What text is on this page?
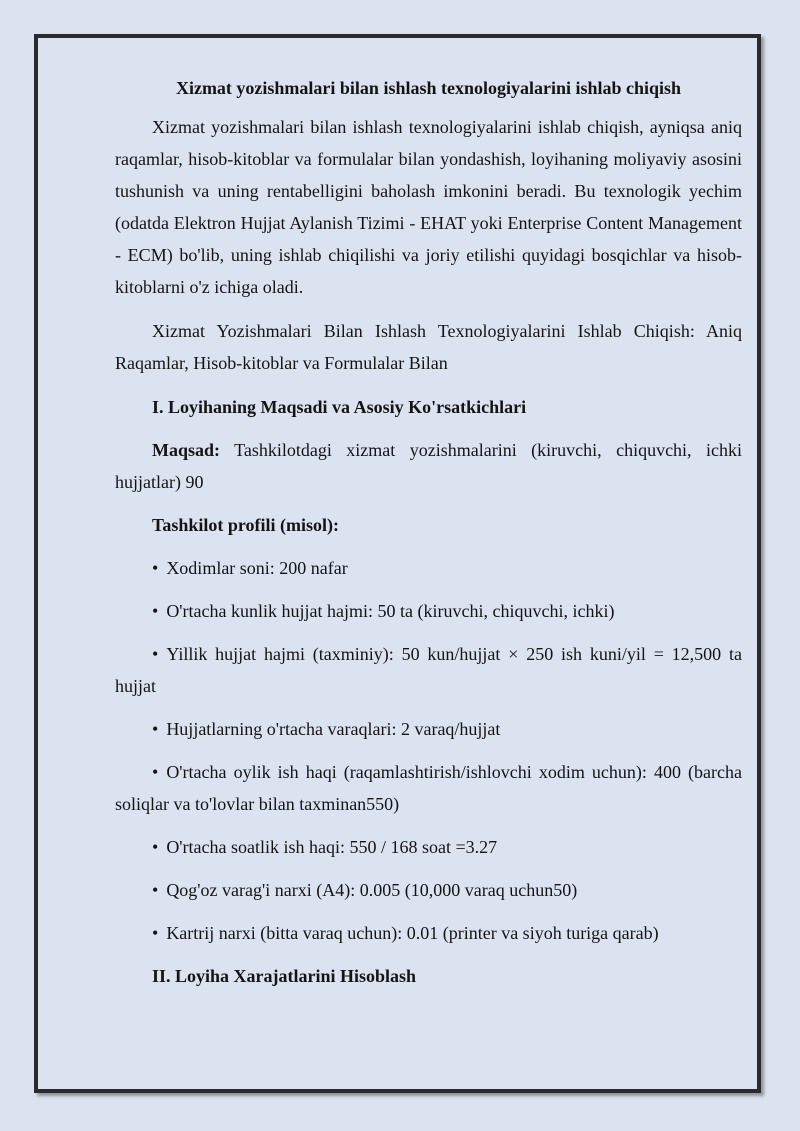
Xizmat yozishmalari bilan ishlash texnologiyalarini ishlab chiqish

Xizmat yozishmalari bilan ishlash texnologiyalarini ishlab chiqish, ayniqsa aniq raqamlar, hisob-kitoblar va formulalar bilan yondashish, loyihaning moliyaviy asosini tushunish va uning rentabelligini baholash imkonini beradi. Bu texnologik yechim (odatda Elektron Hujjat Aylanish Tizimi - EHAT yoki Enterprise Content Management - ECM) bo'lib, uning ishlab chiqilishi va joriy etilishi quyidagi bosqichlar va hisob-kitoblarni o'z ichiga oladi.

Xizmat Yozishmalari Bilan Ishlash Texnologiyalarini Ishlab Chiqish: Aniq Raqamlar, Hisob-kitoblar va Formulalar Bilan

I. Loyihaning Maqsadi va Asosiy Ko'rsatkichlari

Maqsad: Tashkilotdagi xizmat yozishmalarini (kiruvchi, chiquvchi, ichki hujjatlar) 90

Tashkilot profili (misol):
• Xodimlar soni: 200 nafar
• O'rtacha kunlik hujjat hajmi: 50 ta (kiruvchi, chiquvchi, ichki)
• Yillik hujjat hajmi (taxminiy): 50 kun/hujjat × 250 ish kuni/yil = 12,500 ta hujjat
• Hujjatlarning o'rtacha varaqlari: 2 varaq/hujjat
• O'rtacha oylik ish haqi (raqamlashtirish/ishlovchi xodim uchun): 400 (barcha soliqlar va to'lovlar bilan taxminan550)
• O'rtacha soatlik ish haqi: 550 / 168 soat =3.27
• Qog'oz varag'i narxi (A4): 0.005 (10,000 varaq uchun50)
• Kartrij narxi (bitta varaq uchun): 0.01 (printer va siyoh turiga qarab)
II. Loyiha Xarajatlarini Hisoblash
